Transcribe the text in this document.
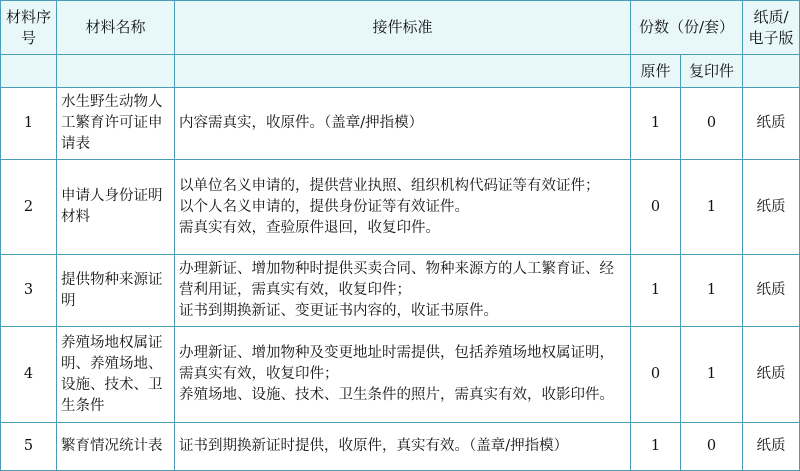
材料序号	材料名称	接件标准	份数（份/套）		纸质/电子版
			原件	复印件	
1	水生野生动物人工繁育许可证申请表	内容需真实，收原件。（盖章/押指模）	1	0	纸质
2	申请人身份证明材料	以单位名义申请的，提供营业执照、组织机构代码证等有效证件；
以个人名义申请的，提供身份证等有效证件。
需真实有效，查验原件退回，收复印件。	0	1	纸质
3	提供物种来源证明	办理新证、增加物种时提供买卖合同、物种来源方的人工繁育证、经营利用证，需真实有效，收复印件；
证书到期换新证、变更证书内容的，收证书原件。	1	1	纸质
4	养殖场地权属证明、养殖场地、设施、技术、卫生条件	办理新证、增加物种及变更地址时需提供，包括养殖场地权属证明，需真实有效，收复印件；
养殖场地、设施、技术、卫生条件的照片，需真实有效，收影印件。	0	1	纸质
5	繁育情况统计表	证书到期换新证时提供，收原件，真实有效。（盖章/押指模）	1	0	纸质
